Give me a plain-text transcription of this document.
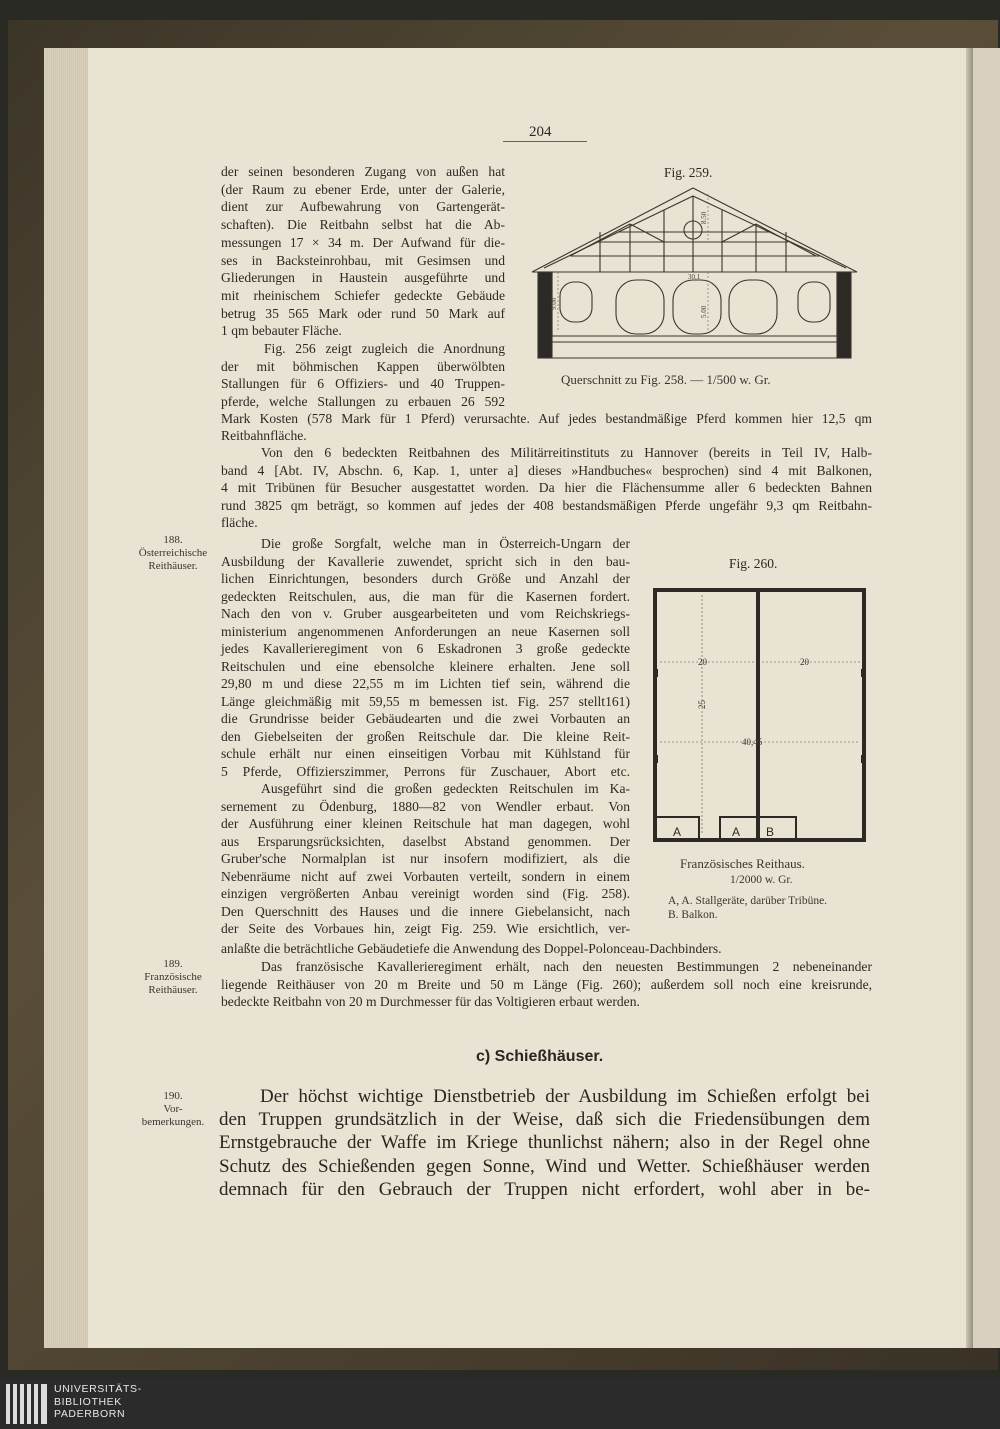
204
der seinen besonderen Zugang von außen hat
(der Raum zu ebener Erde, unter der Galerie,
dient zur Aufbewahrung von Gartengerät-
schaften). Die Reitbahn selbst hat die Ab-
messungen 17 × 34 m. Der Aufwand für die-
ses in Backsteinrohbau, mit Gesimsen und
Gliederungen in Haustein ausgeführte und
mit rheinischem Schiefer gedeckte Gebäude
betrug 35 565 Mark oder rund 50 Mark auf
1 qm bebauter Fläche.
Fig. 256 zeigt zugleich die Anordnung
der mit böhmischen Kappen überwölbten
Stallungen für 6 Offiziers- und 40 Truppen-
pferde, welche Stallungen zu erbauen 26 592
Mark Kosten (578 Mark für 1 Pferd) verursachte. Auf jedes bestandmäßige Pferd kommen hier 12,5 qm
Reitbahnfläche.
Von den 6 bedeckten Reitbahnen des Militärreitinstituts zu Hannover (bereits in Teil IV, Halb-
band 4 [Abt. IV, Abschn. 6, Kap. 1, unter a] dieses »Handbuches« besprochen) sind 4 mit Balkonen,
4 mit Tribünen für Besucher ausgestattet worden. Da hier die Flächensumme aller 6 bedeckten Bahnen
rund 3825 qm beträgt, so kommen auf jedes der 408 bestandsmäßigen Pferde ungefähr 9,3 qm Reitbahn-
fläche.
188.
Österreichische
Reithäuser.
Die große Sorgfalt, welche man in Österreich-Ungarn der
Ausbildung der Kavallerie zuwendet, spricht sich in den bau-
lichen Einrichtungen, besonders durch Größe und Anzahl der
gedeckten Reitschulen, aus, die man für die Kasernen fordert.
Nach den von v. Gruber ausgearbeiteten und vom Reichskriegs-
ministerium angenommenen Anforderungen an neue Kasernen soll
jedes Kavallerieregiment von 6 Eskadronen 3 große gedeckte
Reitschulen und eine ebensolche kleinere erhalten. Jene soll
29,80 m und diese 22,55 m im Lichten tief sein, während die
Länge gleichmäßig mit 59,55 m bemessen ist. Fig. 257 stellt161)
die Grundrisse beider Gebäudearten und die zwei Vorbauten an
den Giebelseiten der großen Reitschule dar. Die kleine Reit-
schule erhält nur einen einseitigen Vorbau mit Kühlstand für
5 Pferde, Offizierszimmer, Perrons für Zuschauer, Abort etc.
Ausgeführt sind die großen gedeckten Reitschulen im Ka-
sernement zu Ödenburg, 1880—82 von Wendler erbaut. Von
der Ausführung einer kleinen Reitschule hat man dagegen, wohl
aus Ersparungsrücksichten, daselbst Abstand genommen. Der
Gruber'sche Normalplan ist nur insofern modifiziert, als die
Nebenräume nicht auf zwei Vorbauten verteilt, sondern in einem
einzigen vergrößerten Anbau vereinigt worden sind (Fig. 258).
Den Querschnitt des Hauses und die innere Giebelansicht, nach
der Seite des Vorbaues hin, zeigt Fig. 259. Wie ersichtlich, ver-
anlaßte die beträchtliche Gebäudetiefe die Anwendung des Doppel-Polonceau-Dachbinders.
189.
Französische
Reithäuser.
Das französische Kavallerieregiment erhält, nach den neuesten Bestimmungen 2 nebeneinander
liegende Reithäuser von 20 m Breite und 50 m Länge (Fig. 260); außerdem soll noch eine kreisrunde,
bedeckte Reitbahn von 20 m Durchmesser für das Voltigieren erbaut werden.
c) Schießhäuser.
190.
Vor-
bemerkungen.
Der höchst wichtige Dienstbetrieb der Ausbildung im Schießen erfolgt bei
den Truppen grundsätzlich in der Weise, daß sich die Friedensübungen dem
Ernstgebrauche der Waffe im Kriege thunlichst nähern; also in der Regel ohne
Schutz des Schießenden gegen Sonne, Wind und Wetter. Schießhäuser werden
demnach für den Gebrauch der Truppen nicht erfordert, wohl aber in be-
Fig. 259.
8.50
30.1
5.00
9.00
Querschnitt zu Fig. 258. — 1/500 w. Gr.
Fig. 260.
20	20
25
40,45
A	A B
Französisches Reithaus.
1/2000 w. Gr.
A, A. Stallgeräte, darüber Tribüne.
B. Balkon.
UNIVERSITÄTS-
BIBLIOTHEK
PADERBORN
